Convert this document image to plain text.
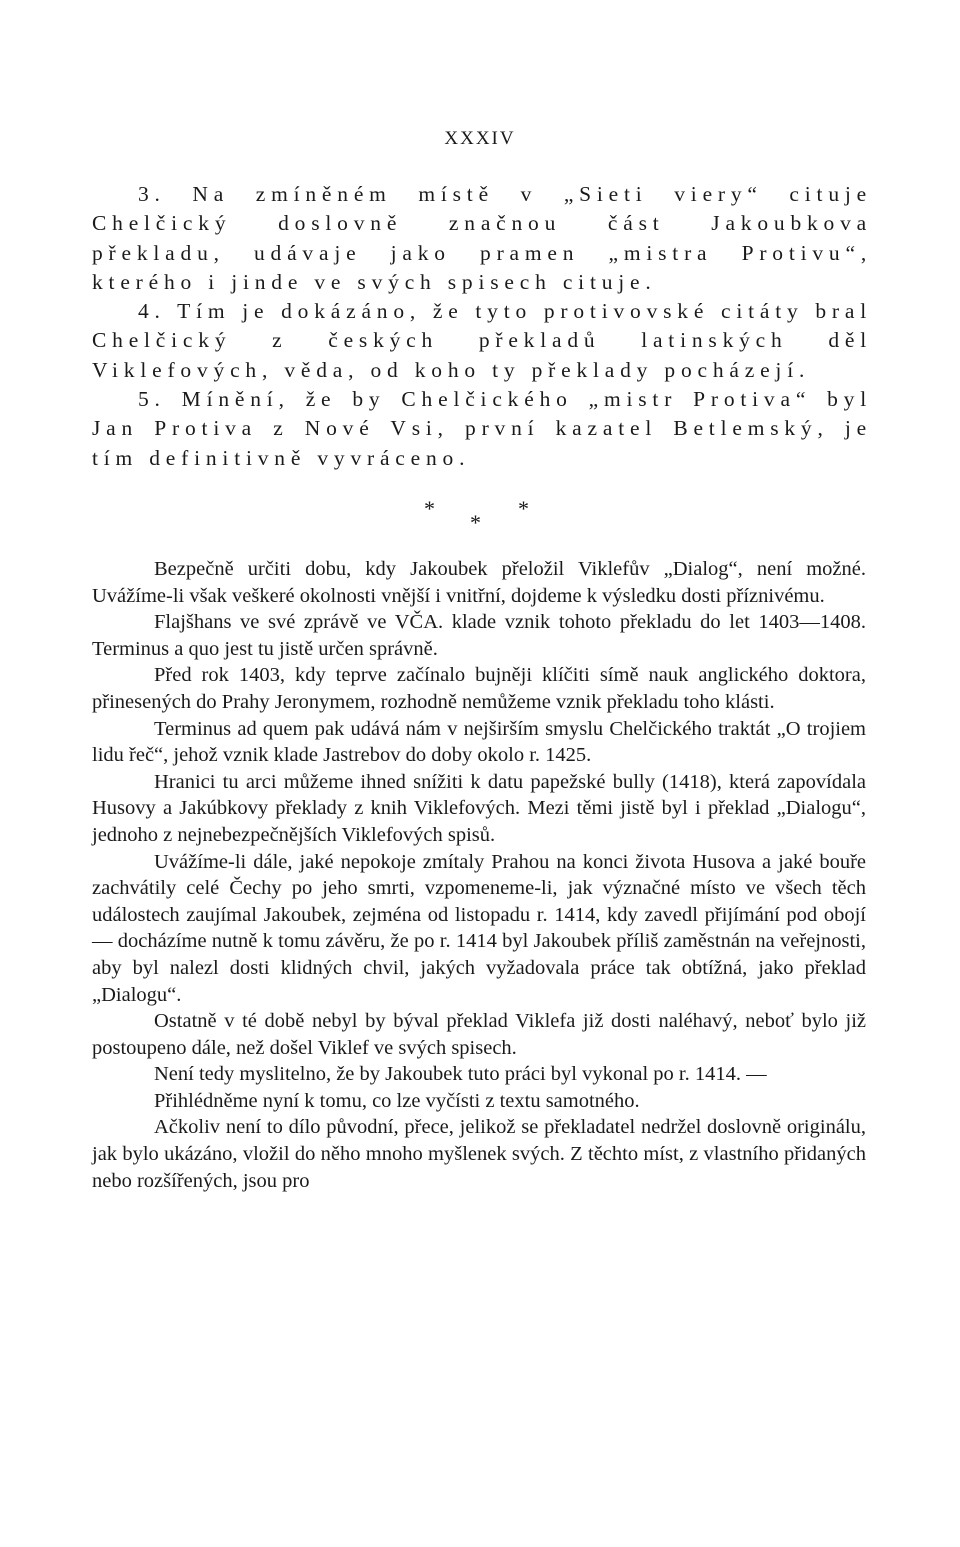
XXXIV

3. Na zmíněném místě v „Sieti viery“ cituje Chelčický doslovně značnou část Jakoubkova překladu, udávaje jako pramen „mistra Protivu“, kterého i jinde ve svých spisech cituje.

4. Tím je dokázáno, že tyto protivovské citáty bral Chelčický z českých překladů latinských děl Viklefových, věda, od koho ty překlady pocházejí.

5. Mínění, že by Chelčického „mistr Protiva“ byl Jan Protiva z Nové Vsi, první kazatel Betlemský, je tím definitivně vyvráceno.

*
*
*

Bezpečně určiti dobu, kdy Jakoubek přeložil Viklefův „Dialog“, není možné. Uvážíme-li však veškeré okolnosti vnější i vnitřní, dojdeme k výsledku dosti příznivému.

Flajšhans ve své zprávě ve VČA. klade vznik tohoto překladu do let 1403—1408. Terminus a quo jest tu jistě určen správně.

Před rok 1403, kdy teprve začínalo bujněji klíčiti símě nauk anglického doktora, přinesených do Prahy Jeronymem, rozhodně nemůžeme vznik překladu toho klásti.

Terminus ad quem pak udává nám v nejširším smyslu Chelčického traktát „O trojiem lidu řeč“, jehož vznik klade Jastrebov do doby okolo r. 1425.

Hranici tu arci můžeme ihned snížiti k datu papežské bully (1418), která zapovídala Husovy a Jakúbkovy překlady z knih Viklefových. Mezi těmi jistě byl i překlad „Dialogu“, jednoho z nejnebezpečnějších Viklefových spisů.

Uvážíme-li dále, jaké nepokoje zmítaly Prahou na konci života Husova a jaké bouře zachvátily celé Čechy po jeho smrti, vzpomeneme-li, jak význačné místo ve všech těch událostech zaujímal Jakoubek, zejména od listopadu r. 1414, kdy zavedl přijímání pod obojí — docházíme nutně k tomu závěru, že po r. 1414 byl Jakoubek příliš zaměstnán na veřejnosti, aby byl nalezl dosti klidných chvil, jakých vyžadovala práce tak obtížná, jako překlad „Dialogu“.

Ostatně v té době nebyl by býval překlad Viklefa již dosti naléhavý, neboť bylo již postoupeno dále, než došel Viklef ve svých spisech.

Není tedy myslitelno, že by Jakoubek tuto práci byl vykonal po r. 1414. —

Přihlédněme nyní k tomu, co lze vyčísti z textu samotného.

Ačkoliv není to dílo původní, přece, jelikož se překladatel nedržel doslovně originálu, jak bylo ukázáno, vložil do něho mnoho myšlenek svých. Z těchto míst, z vlastního přidaných nebo rozšířených, jsou pro
